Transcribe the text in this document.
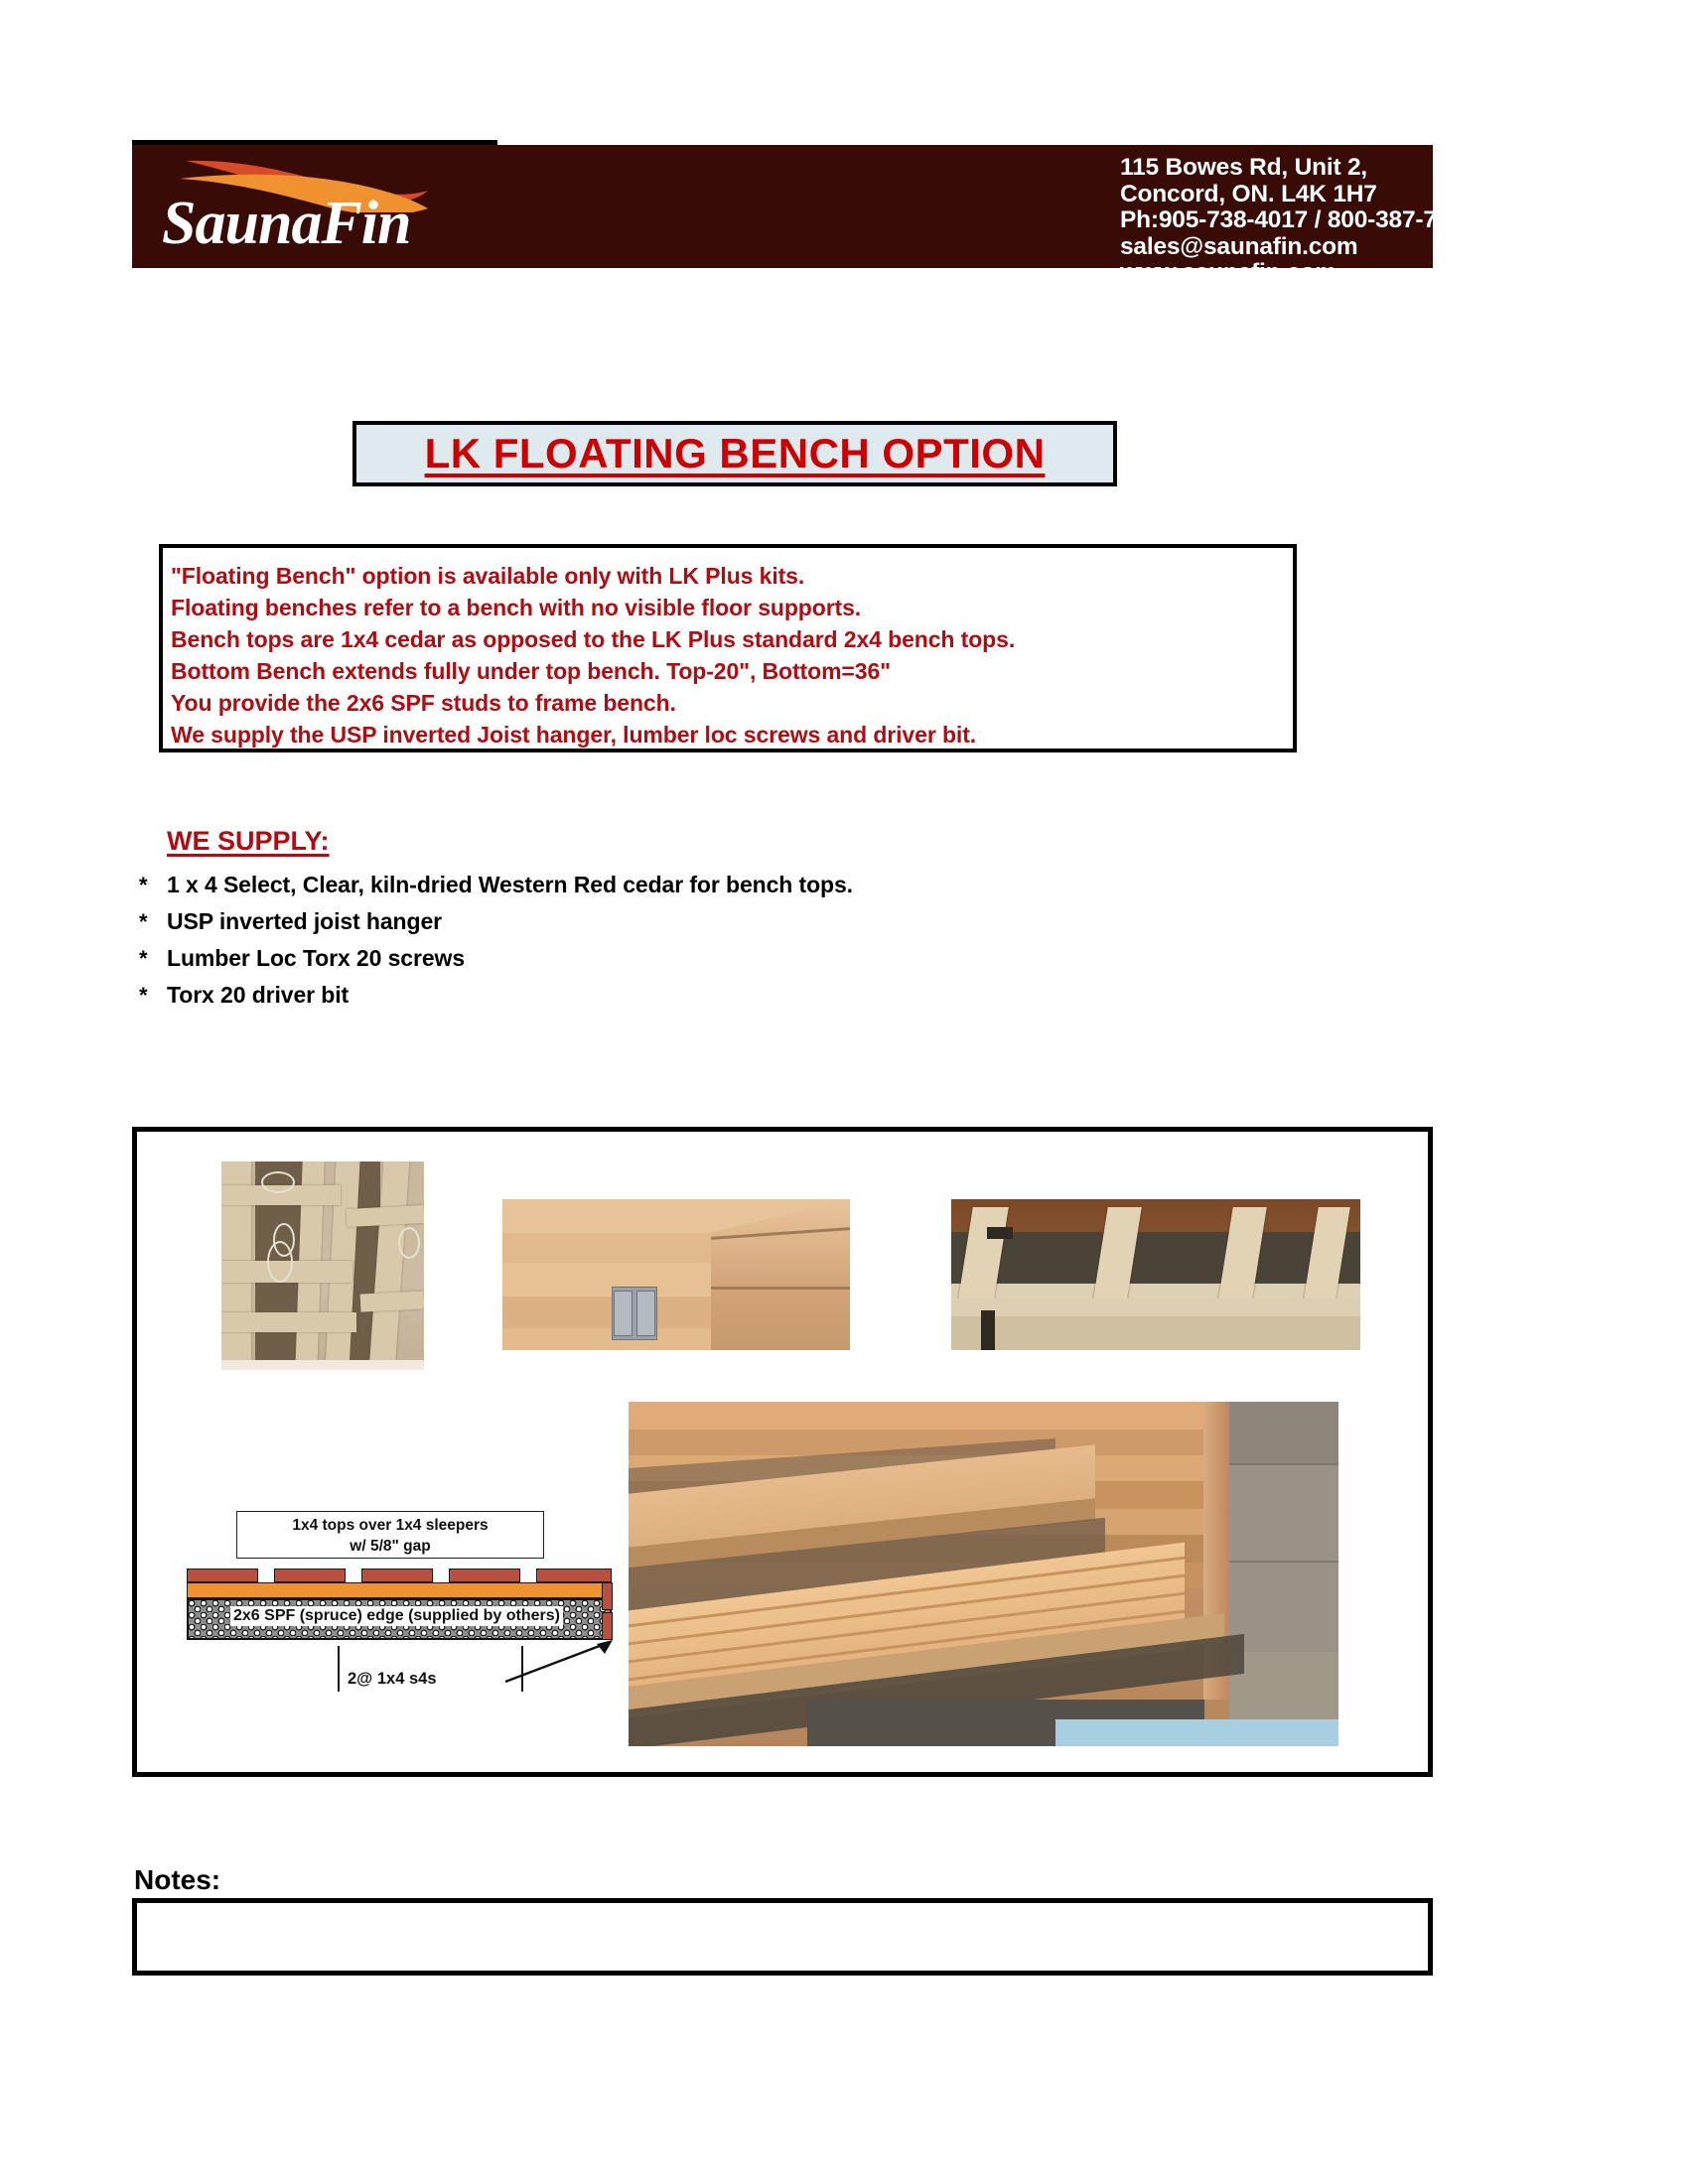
SaunaFin
115 Bowes Rd, Unit 2,
Concord, ON. L4K 1H7
Ph:905-738-4017 / 800-387-7029
sales@saunafin.com
www.saunafin.com
LK FLOATING BENCH OPTION
"Floating Bench" option is available only with LK Plus kits.
Floating benches refer to a bench with no visible floor supports.
Bench tops are 1x4 cedar as opposed to the LK Plus standard 2x4 bench tops.
Bottom Bench extends fully under top bench. Top-20", Bottom=36"
You provide the 2x6 SPF studs to frame bench.
We supply the USP inverted Joist hanger, lumber loc screws and driver bit.
WE SUPPLY:
* 1 x 4 Select, Clear, kiln-dried Western Red cedar for bench tops.
* USP inverted joist hanger
* Lumber Loc Torx 20 screws
* Torx 20 driver bit
1x4 tops over 1x4 sleepers
w/ 5/8" gap
2x6 SPF (spruce) edge (supplied by others)
2@ 1x4 s4s
Notes:
